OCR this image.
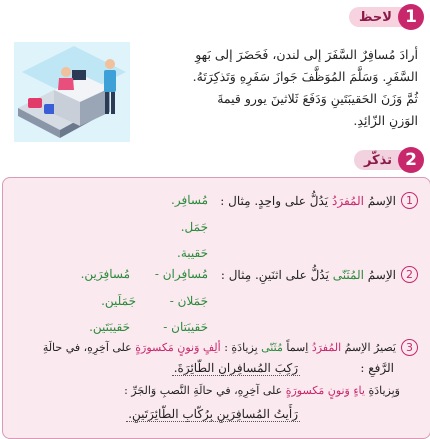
1
لاحظ
أرادَ مُسافِرٌ السَّفَرَ إلى لندن، فَحَضَرَ إلى بَهوِ
السَّفَرِ. وَسَلَّمَ المُوَظَّفَ جَوازَ سَفَرِهِ وَتَذكِرَتَهُ.
ثُمَّ وَزَنَ الحَقيبَتَينِ وَدَفَعَ ثَلاثينَ يورو قيمةَ
الوَزنِ الزّائِدِ.
2
تذكّر
1
الاِسمُ

المُفرَدُ

يَدُلُّ على واحِدٍ. مِثال :
مُسافِر.
جَمَل.
حَقيبة.
2
الاِسمُ

المُثَنّى

يَدُلُّ على اثنَينِ. مِثال :
مُسافِران -
مُسافِرَين.
جَمَلان -
جَمَلَين.
حَقيبَتان -
حَقيبَتَين.
3
يَصيرُ الاِسمُ

المُفرَدُ

اِسماً

مُثَنّى

بِزيادَةِ :

ألِفٍ وَنونٍ مَكسورَةٍ

على آخِرِهِ، في حالَةِ
الرَّفعِ :
رَكِبَ المُسافِرانِ الطّائِرَةَ.
وَبِزيادَةِ

ياءٍ وَنونٍ مَكسورَةٍ

على آخِرِهِ، في حالَةِ النَّصبِ وَالجَرِّ :
رَأَيتُ المُسافِرَينِ بِرُكّابِ الطّائِرَتَينِ.
